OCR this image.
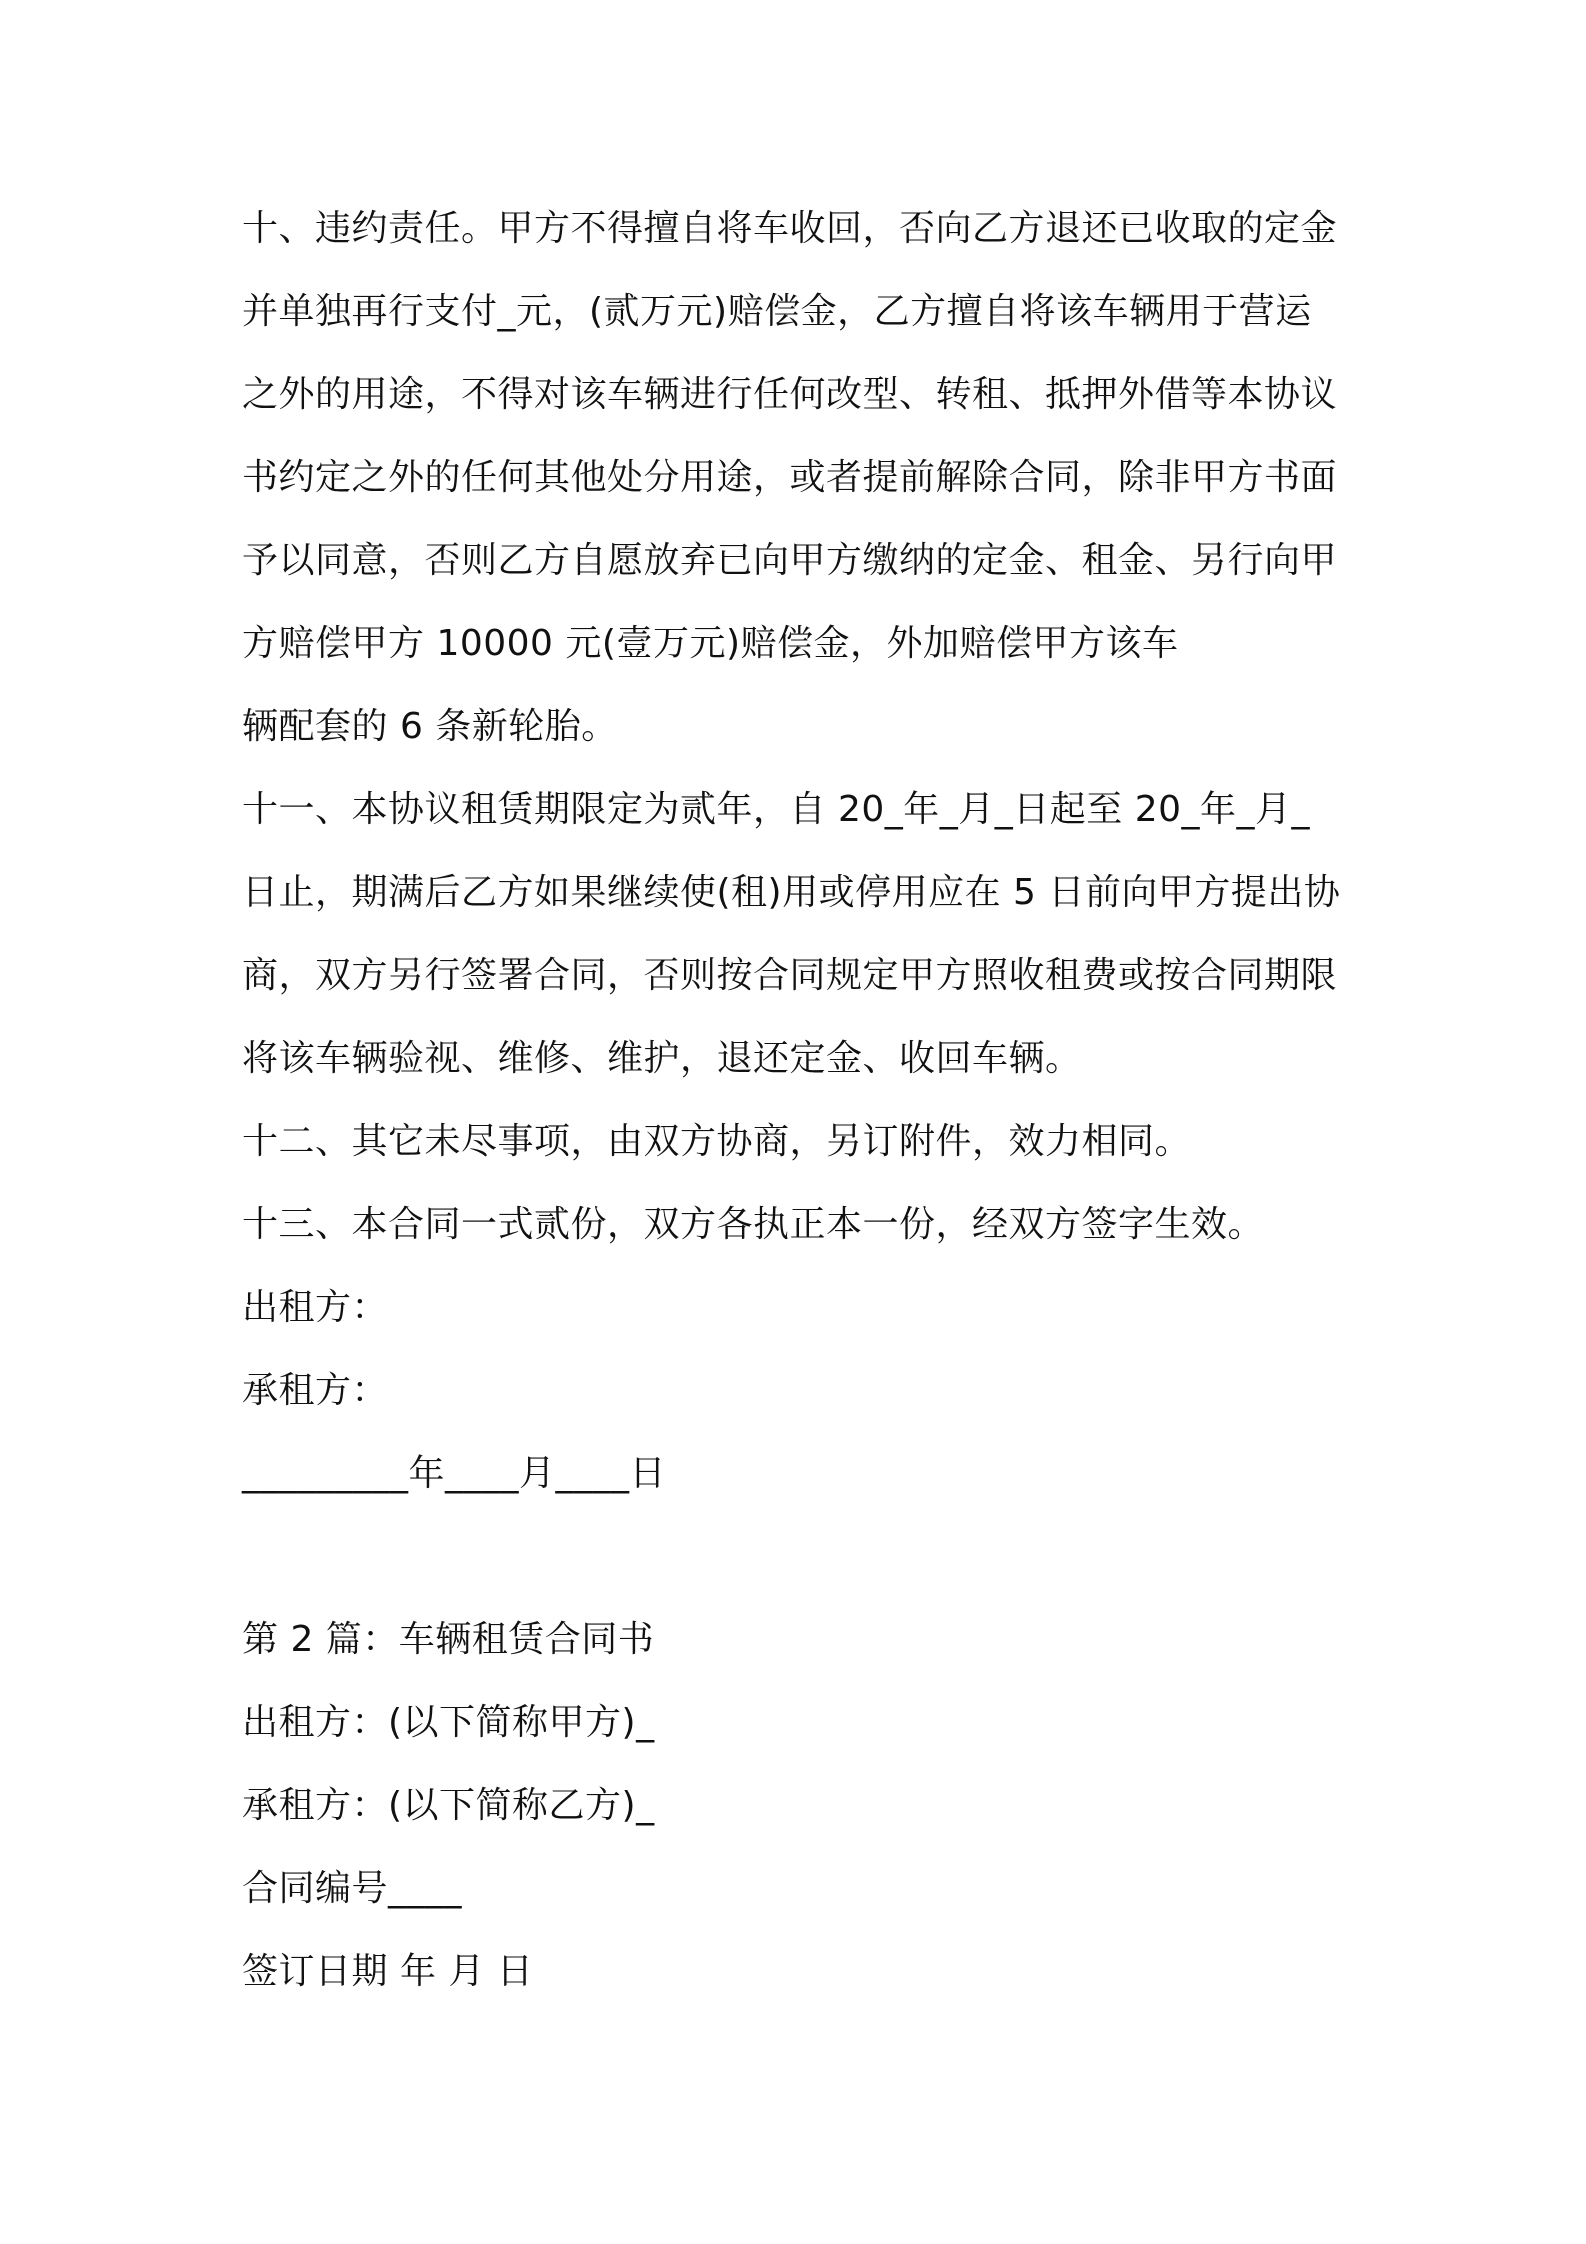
十、违约责任。甲方不得擅自将车收回，否向乙方退还已收取的定金
并单独再行支付_元，(贰万元)赔偿金，乙方擅自将该车辆用于营运
之外的用途，不得对该车辆进行任何改型、转租、抵押外借等本协议
书约定之外的任何其他处分用途，或者提前解除合同，除非甲方书面
予以同意，否则乙方自愿放弃已向甲方缴纳的定金、租金、另行向甲
方赔偿甲方 10000 元(壹万元)赔偿金，外加赔偿甲方该车
辆配套的 6 条新轮胎。
十一、本协议租赁期限定为贰年，自 20_年_月_日起至 20_年_月_
日止，期满后乙方如果继续使(租)用或停用应在 5 日前向甲方提出协
商，双方另行签署合同，否则按合同规定甲方照收租费或按合同期限
将该车辆验视、维修、维护，退还定金、收回车辆。
十二、其它未尽事项，由双方协商，另订附件，效力相同。
十三、本合同一式贰份，双方各执正本一份，经双方签字生效。
出租方：
承租方：
_________年____月____日
第 2 篇：车辆租赁合同书
出租方：(以下简称甲方)_
承租方：(以下简称乙方)_
合同编号____
签订日期 年 月 日
